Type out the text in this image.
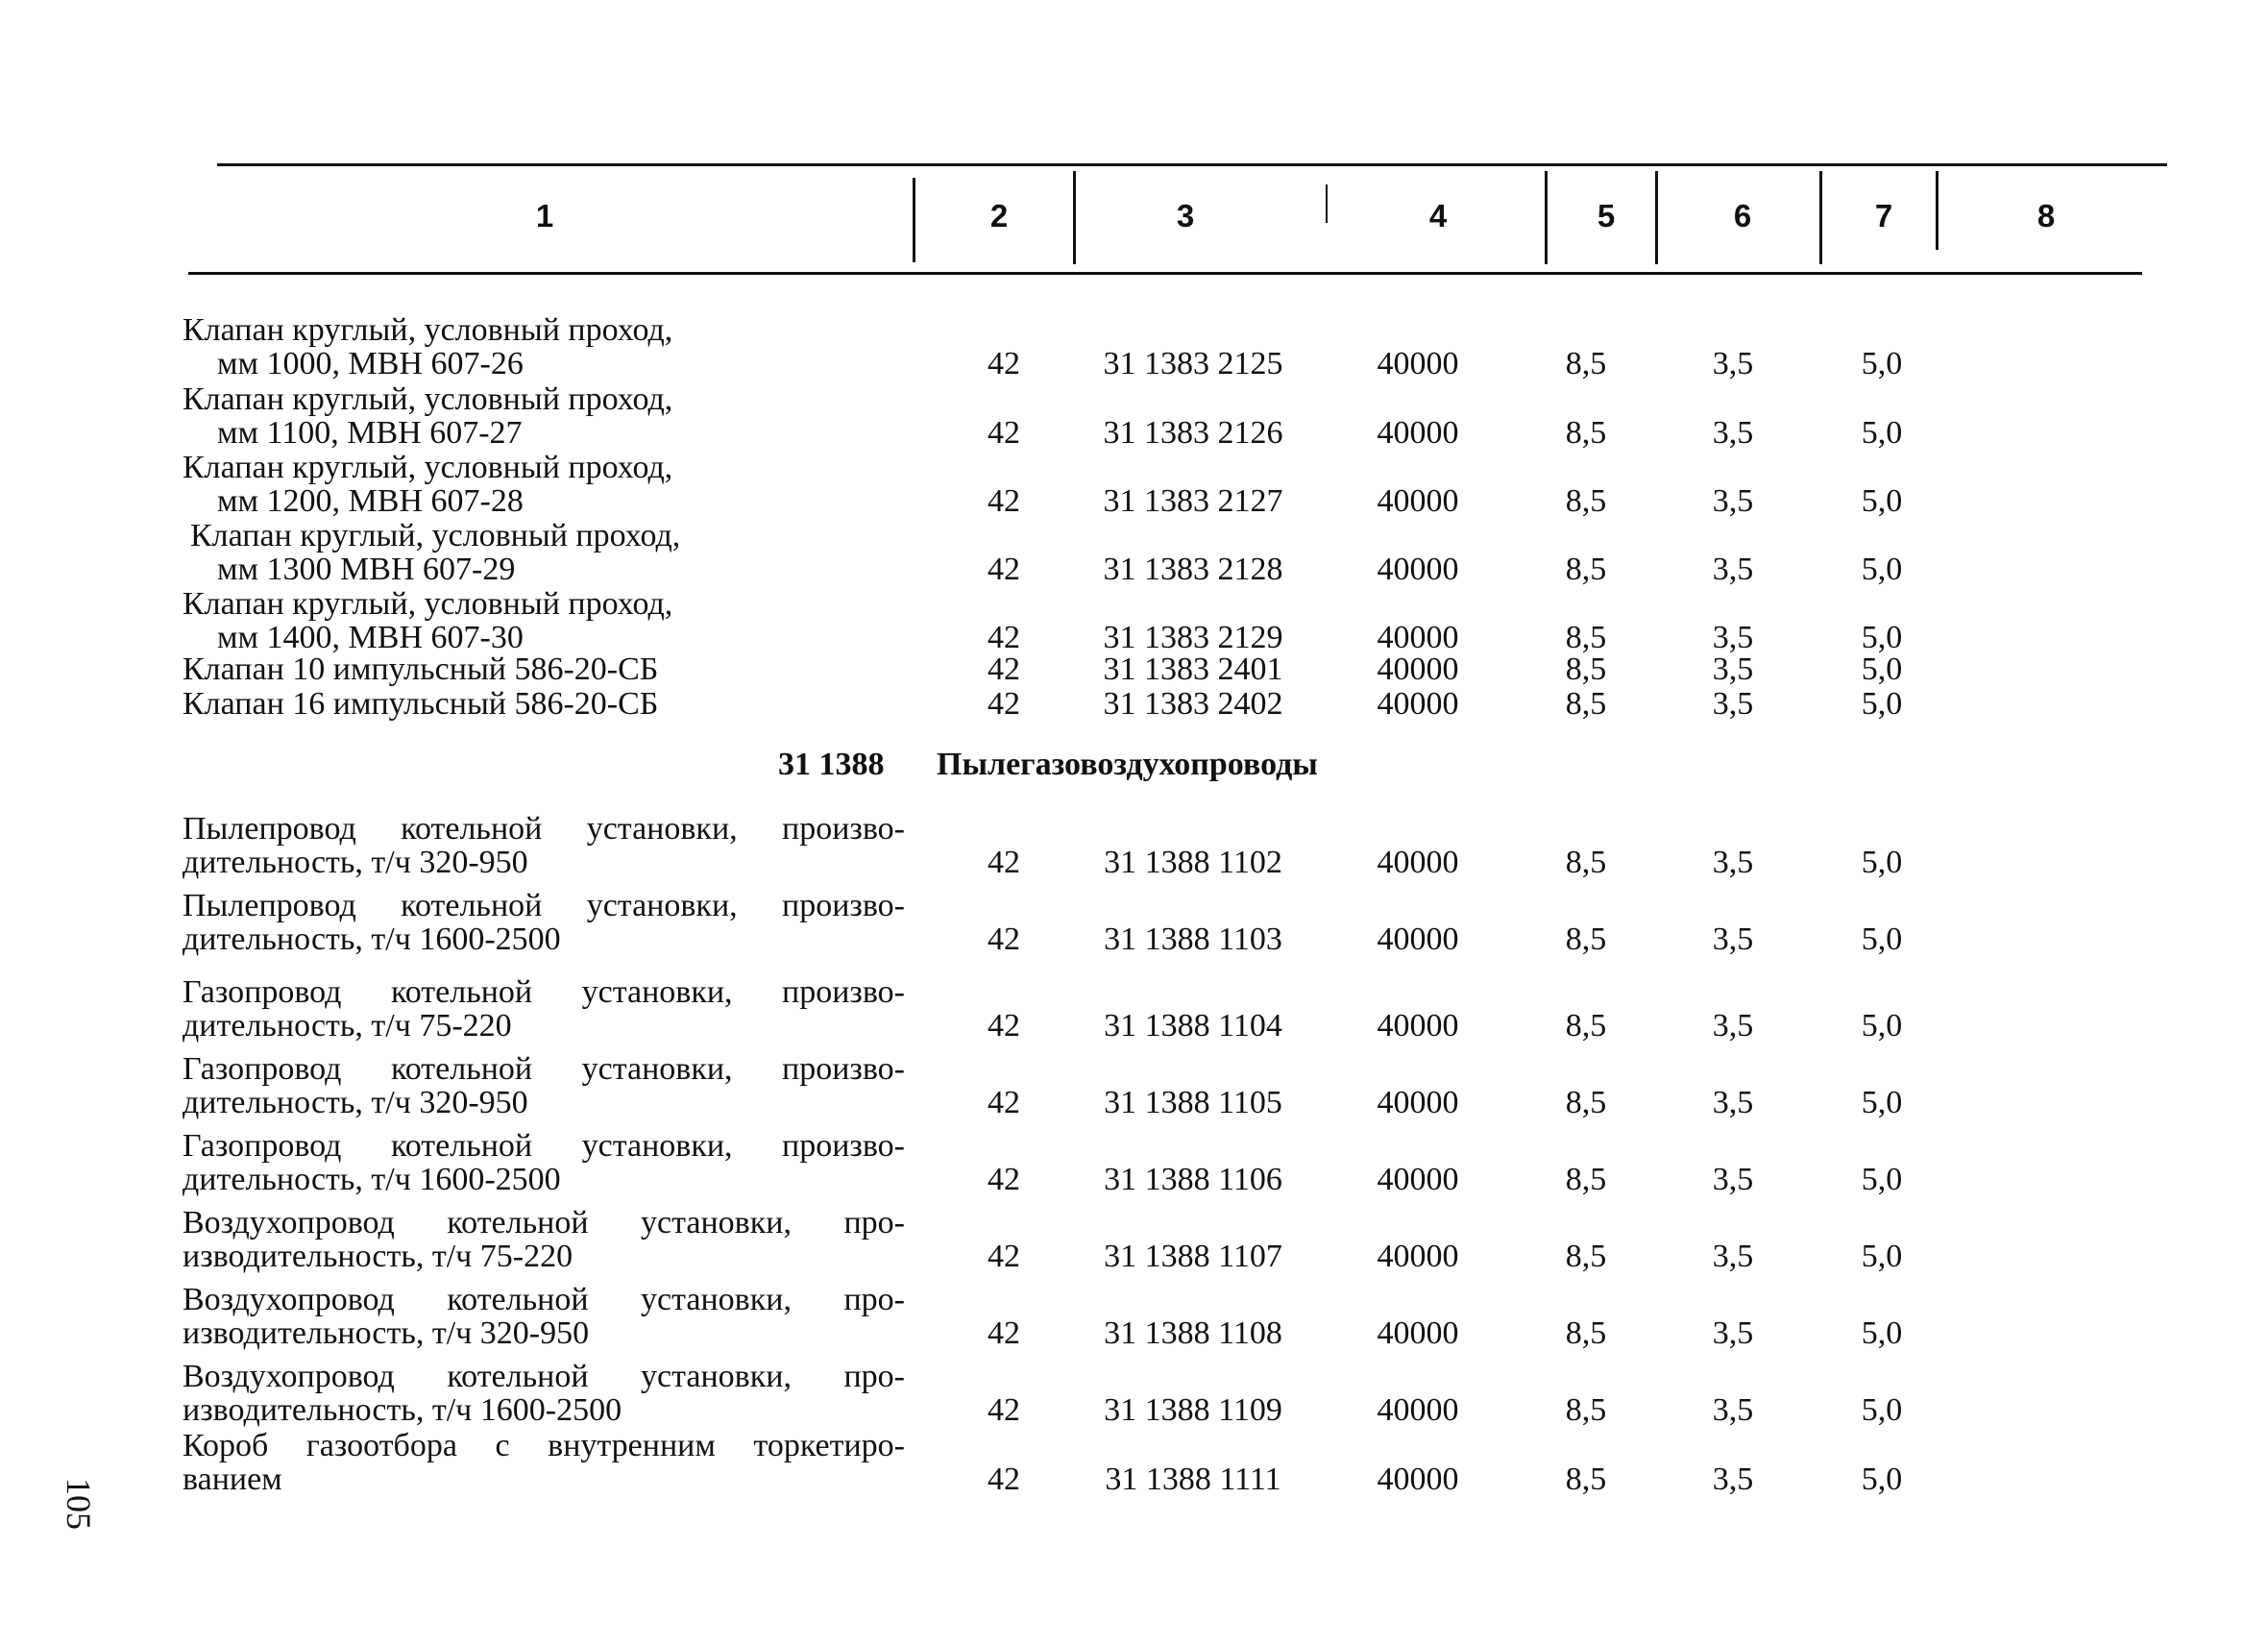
105
1	2	3	4	5	6	7	8
Клапан круглый, условный проход,
мм 1000, МВН 607-26	42	31 1383 2125	40000	8,5	3,5	5,0
Клапан круглый, условный проход,
мм 1100, МВН 607-27	42	31 1383 2126	40000	8,5	3,5	5,0
Клапан круглый, условный проход,
мм 1200, МВН 607-28	42	31 1383 2127	40000	8,5	3,5	5,0
Клапан круглый, условный проход,
мм 1300 МВН 607-29	42	31 1383 2128	40000	8,5	3,5	5,0
Клапан круглый, условный проход,
мм 1400, МВН 607-30	42	31 1383 2129	40000	8,5	3,5	5,0
Клапан 10 импульсный 586-20-СБ	42	31 1383 2401	40000	8,5	3,5	5,0
Клапан 16 импульсный 586-20-СБ	42	31 1383 2402	40000	8,5	3,5	5,0
31 1388 Пылегазовоздухопроводы
Пылепровод котельной установки, произво-
дительность, т/ч 320-950	42	31 1388 1102	40000	8,5	3,5	5,0
Пылепровод котельной установки, произво-
дительность, т/ч 1600-2500	42	31 1388 1103	40000	8,5	3,5	5,0
Газопровод котельной установки, произво-
дительность, т/ч 75-220	42	31 1388 1104	40000	8,5	3,5	5,0
Газопровод котельной установки, произво-
дительность, т/ч 320-950	42	31 1388 1105	40000	8,5	3,5	5,0
Газопровод котельной установки, произво-
дительность, т/ч 1600-2500	42	31 1388 1106	40000	8,5	3,5	5,0
Воздухопровод котельной установки, про-
изводительность, т/ч 75-220	42	31 1388 1107	40000	8,5	3,5	5,0
Воздухопровод котельной установки, про-
изводительность, т/ч 320-950	42	31 1388 1108	40000	8,5	3,5	5,0
Воздухопровод котельной установки, про-
изводительность, т/ч 1600-2500	42	31 1388 1109	40000	8,5	3,5	5,0
Короб газоотбора с внутренним торкетиро-
ванием	42	31 1388 1111	40000	8,5	3,5	5,0
